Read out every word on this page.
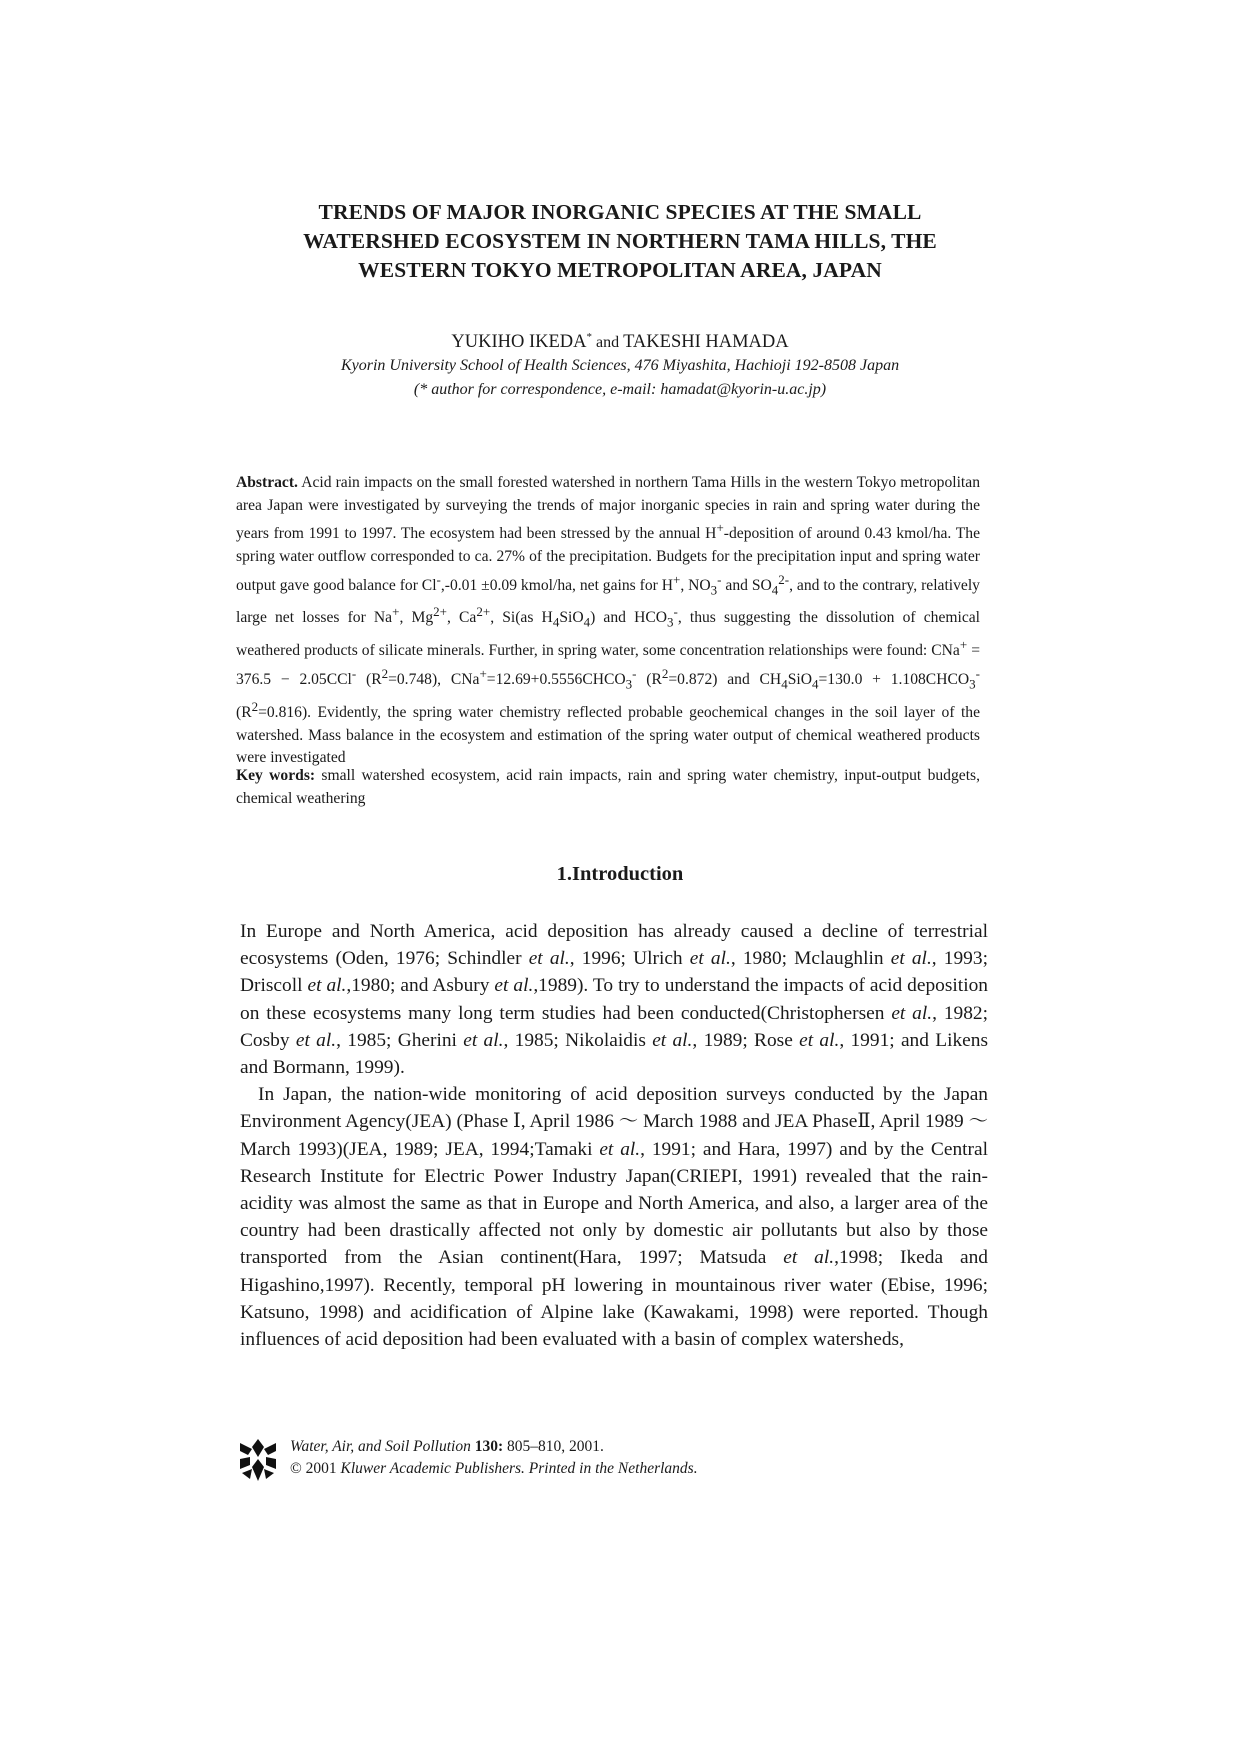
TRENDS OF MAJOR INORGANIC SPECIES AT THE SMALL
WATERSHED ECOSYSTEM IN NORTHERN TAMA HILLS, THE
WESTERN TOKYO METROPOLITAN AREA, JAPAN
YUKIHO IKEDA* and TAKESHI HAMADA
Kyorin University School of Health Sciences, 476 Miyashita, Hachioji 192-8508 Japan
(* author for correspondence, e-mail: hamadat@kyorin-u.ac.jp)
Abstract. Acid rain impacts on the small forested watershed in northern Tama Hills in the western Tokyo metropolitan area Japan were investigated by surveying the trends of major inorganic species in rain and spring water during the years from 1991 to 1997. The ecosystem had been stressed by the annual H+-deposition of around 0.43 kmol/ha. The spring water outflow corresponded to ca. 27% of the precipitation. Budgets for the precipitation input and spring water output gave good balance for Cl-,-0.01 ±0.09 kmol/ha, net gains for H+, $NO_3^-$ and $SO_4^{2-}$, and to the contrary, relatively large net losses for Na+, $Mg^{2+}$, $Ca^{2+}$, Si(as $H_4SiO_4$) and $HCO_3^-$, thus suggesting the dissolution of chemical weathered products of silicate minerals. Further, in spring water, some concentration relationships were found: CNa+ = 376.5 − 2.05CCl- $(R^2=0.748)$, $CNa^+=12.69+0.5556CHCO_3^-$ $(R^2=0.872)$ and $CH_4SiO_4=130.0$ + $1.108CHCO_3^-$ $(R^2=0.816)$. Evidently, the spring water chemistry reflected probable geochemical changes in the soil layer of the watershed. Mass balance in the ecosystem and estimation of the spring water output of chemical weathered products were investigated
Key words: small watershed ecosystem, acid rain impacts, rain and spring water chemistry, input-output budgets, chemical weathering
1.Introduction

In Europe and North America, acid deposition has already caused a decline of terrestrial ecosystems (Oden, 1976; Schindler et al., 1996; Ulrich et al., 1980; Mclaughlin et al., 1993; Driscoll et al.,1980; and Asbury et al.,1989). To try to understand the impacts of acid deposition on these ecosystems many long term studies had been conducted(Christophersen et al., 1982; Cosby et al., 1985; Gherini et al., 1985; Nikolaidis et al., 1989; Rose et al., 1991; and Likens and Bormann, 1999).

In Japan, the nation-wide monitoring of acid deposition surveys conducted by the Japan Environment Agency(JEA) (Phase Ⅰ, April 1986 ～ March 1988 and JEA PhaseⅡ, April 1989 ～ March 1993)(JEA, 1989; JEA, 1994;Tamaki et al., 1991; and Hara, 1997) and by the Central Research Institute for Electric Power Industry Japan(CRIEPI, 1991) revealed that the rain-acidity was almost the same as that in Europe and North America, and also, a larger area of the country had been drastically affected not only by domestic air pollutants but also by those transported from the Asian continent(Hara, 1997; Matsuda et al.,1998; Ikeda and Higashino,1997). Recently, temporal pH lowering in mountainous river water (Ebise, 1996; Katsuno, 1998) and acidification of Alpine lake (Kawakami, 1998) were reported. Though influences of acid deposition had been evaluated with a basin of complex watersheds,

Water, Air, and Soil Pollution 130: 805–810, 2001.
© 2001 Kluwer Academic Publishers. Printed in the Netherlands.
